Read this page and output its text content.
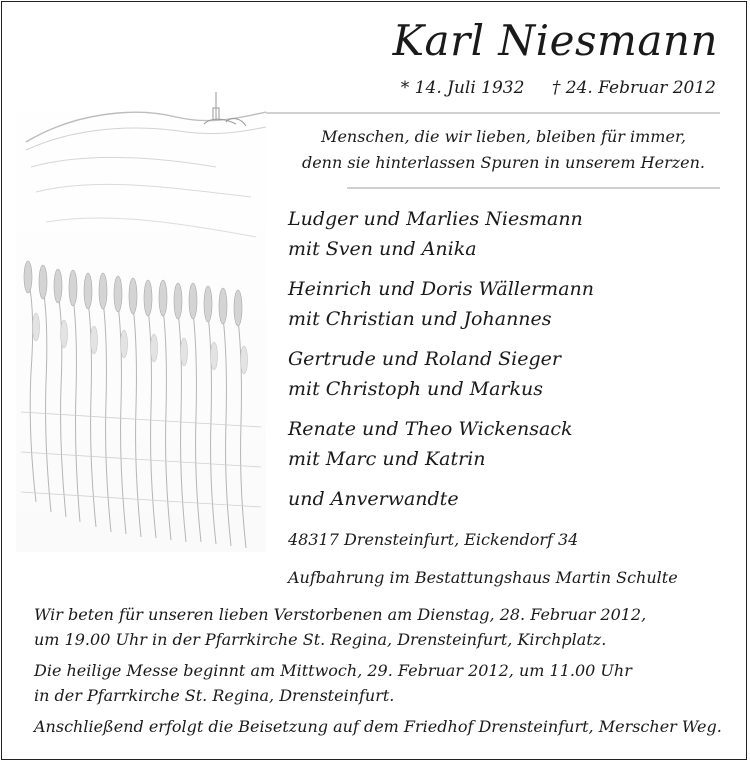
Karl Niesmann
* 14. Juli 1932 † 24. Februar 2012
Menschen, die wir lieben, bleiben für immer,
denn sie hinterlassen Spuren in unserem Herzen.
Ludger und Marlies Niesmann
mit Sven und Anika
Heinrich und Doris Wällermann
mit Christian und Johannes
Gertrude und Roland Sieger
mit Christoph und Markus
Renate und Theo Wickensack
mit Marc und Katrin
und Anverwandte
48317 Drensteinfurt, Eickendorf 34
Aufbahrung im Bestattungshaus Martin Schulte
Wir beten für unseren lieben Verstorbenen am Dienstag, 28. Februar 2012,
um 19.00 Uhr in der Pfarrkirche St. Regina, Drensteinfurt, Kirchplatz.
Die heilige Messe beginnt am Mittwoch, 29. Februar 2012, um 11.00 Uhr
in der Pfarrkirche St. Regina, Drensteinfurt.
Anschließend erfolgt die Beisetzung auf dem Friedhof Drensteinfurt, Merscher Weg.
